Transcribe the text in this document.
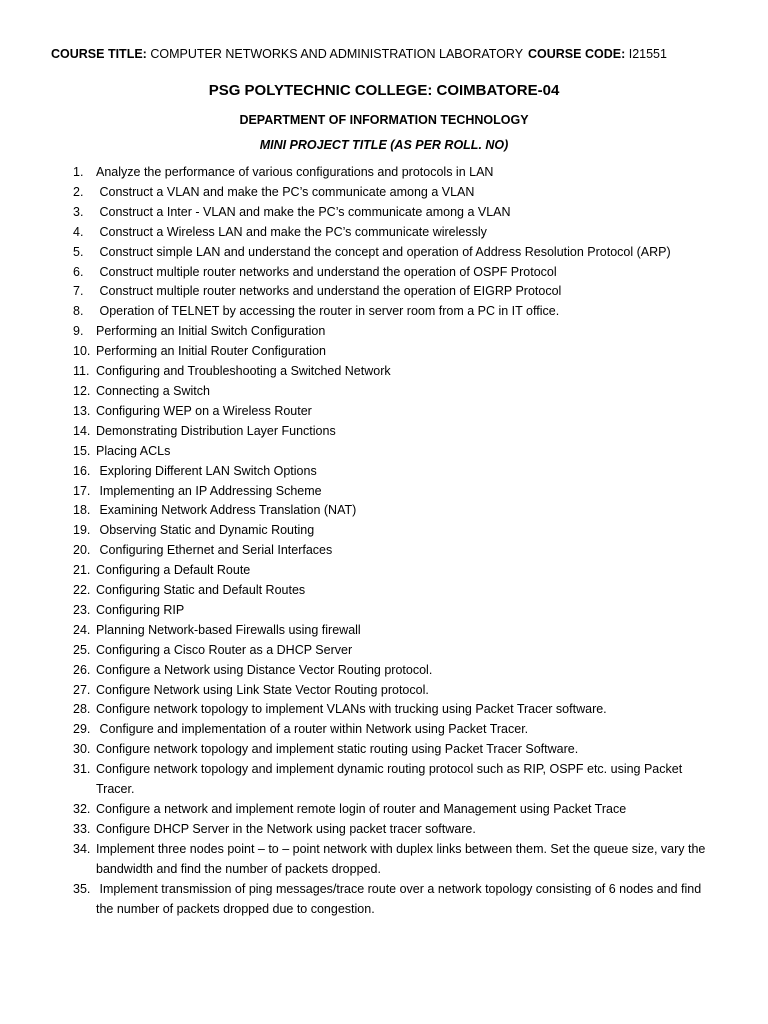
COURSE TITLE: COMPUTER NETWORKS AND ADMINISTRATION LABORATORY COURSE CODE: I21551
PSG POLYTECHNIC COLLEGE: COIMBATORE-04
DEPARTMENT OF INFORMATION TECHNOLOGY
MINI PROJECT TITLE (AS PER ROLL. NO)
1. Analyze the performance of various configurations and protocols in LAN
2. Construct a VLAN and make the PC’s communicate among a VLAN
3. Construct a Inter - VLAN and make the PC’s communicate among a VLAN
4. Construct a Wireless LAN and make the PC’s communicate wirelessly
5. Construct simple LAN and understand the concept and operation of Address Resolution Protocol (ARP)
6. Construct multiple router networks and understand the operation of OSPF Protocol
7. Construct multiple router networks and understand the operation of EIGRP Protocol
8. Operation of TELNET by accessing the router in server room from a PC in IT office.
9. Performing an Initial Switch Configuration
10. Performing an Initial Router Configuration
11. Configuring and Troubleshooting a Switched Network
12. Connecting a Switch
13. Configuring WEP on a Wireless Router
14. Demonstrating Distribution Layer Functions
15. Placing ACLs
16. Exploring Different LAN Switch Options
17. Implementing an IP Addressing Scheme
18. Examining Network Address Translation (NAT)
19. Observing Static and Dynamic Routing
20. Configuring Ethernet and Serial Interfaces
21. Configuring a Default Route
22. Configuring Static and Default Routes
23. Configuring RIP
24. Planning Network-based Firewalls using firewall
25. Configuring a Cisco Router as a DHCP Server
26. Configure a Network using Distance Vector Routing protocol.
27. Configure Network using Link State Vector Routing protocol.
28. Configure network topology to implement VLANs with trucking using Packet Tracer software.
29. Configure and implementation of a router within Network using Packet Tracer.
30. Configure network topology and implement static routing using Packet Tracer Software.
31. Configure network topology and implement dynamic routing protocol such as RIP, OSPF etc. using Packet Tracer.
32. Configure a network and implement remote login of router and Management using Packet Trace
33. Configure DHCP Server in the Network using packet tracer software.
34. Implement three nodes point – to – point network with duplex links between them. Set the queue size, vary the bandwidth and find the number of packets dropped.
35. Implement transmission of ping messages/trace route over a network topology consisting of 6 nodes and find the number of packets dropped due to congestion.
